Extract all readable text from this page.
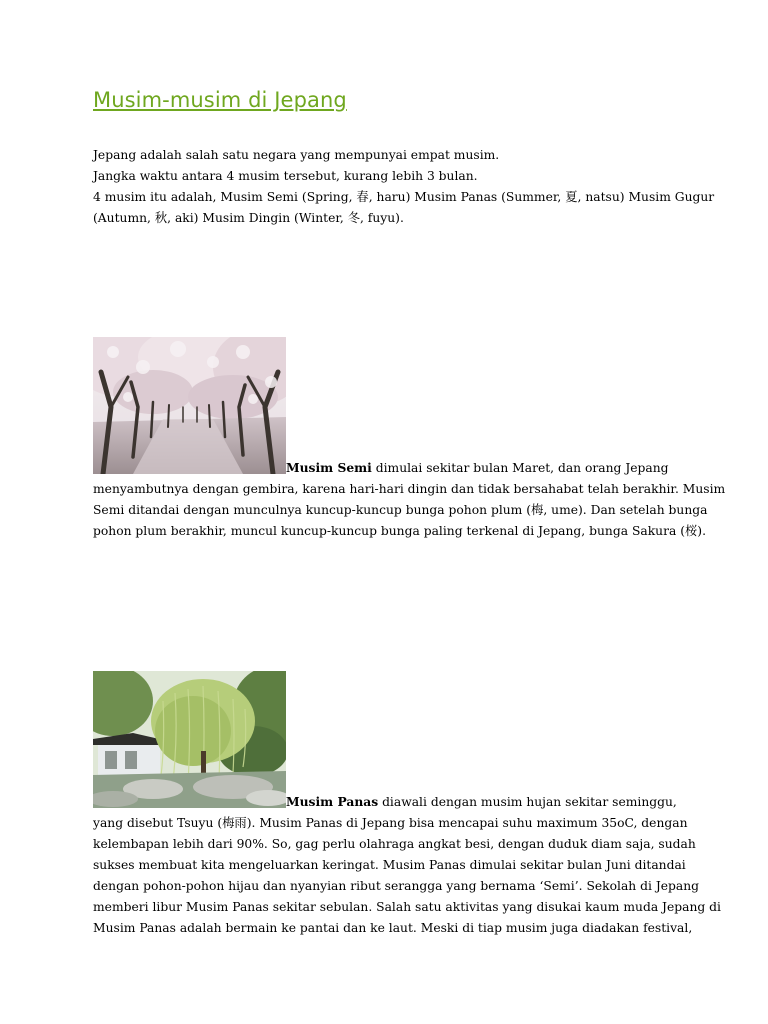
Musim-musim di Jepang
Jepang adalah salah satu negara yang mempunyai empat musim.
Jangka waktu antara 4 musim tersebut, kurang lebih 3 bulan.
4 musim itu adalah, Musim Semi (Spring, 春, haru) Musim Panas (Summer, 夏, natsu) Musim Gugur
(Autumn, 秋, aki) Musim Dingin (Winter, 冬, fuyu).
Musim Semi dimulai sekitar bulan Maret, dan orang Jepang
menyambutnya dengan gembira, karena hari-hari dingin dan tidak bersahabat telah berakhir. Musim
Semi ditandai dengan munculnya kuncup-kuncup bunga pohon plum (梅, ume). Dan setelah bunga
pohon plum berakhir, muncul kuncup-kuncup bunga paling terkenal di Jepang, bunga Sakura (桜).
Musim Panas diawali dengan musim hujan sekitar seminggu,
yang disebut Tsuyu (梅雨). Musim Panas di Jepang bisa mencapai suhu maximum 35oC, dengan
kelembapan lebih dari 90%. So, gag perlu olahraga angkat besi, dengan duduk diam saja, sudah
sukses membuat kita mengeluarkan keringat. Musim Panas dimulai sekitar bulan Juni ditandai
dengan pohon-pohon hijau dan nyanyian ribut serangga yang bernama ‘Semi’. Sekolah di Jepang
memberi libur Musim Panas sekitar sebulan. Salah satu aktivitas yang disukai kaum muda Jepang di
Musim Panas adalah bermain ke pantai dan ke laut. Meski di tiap musim juga diadakan festival,
